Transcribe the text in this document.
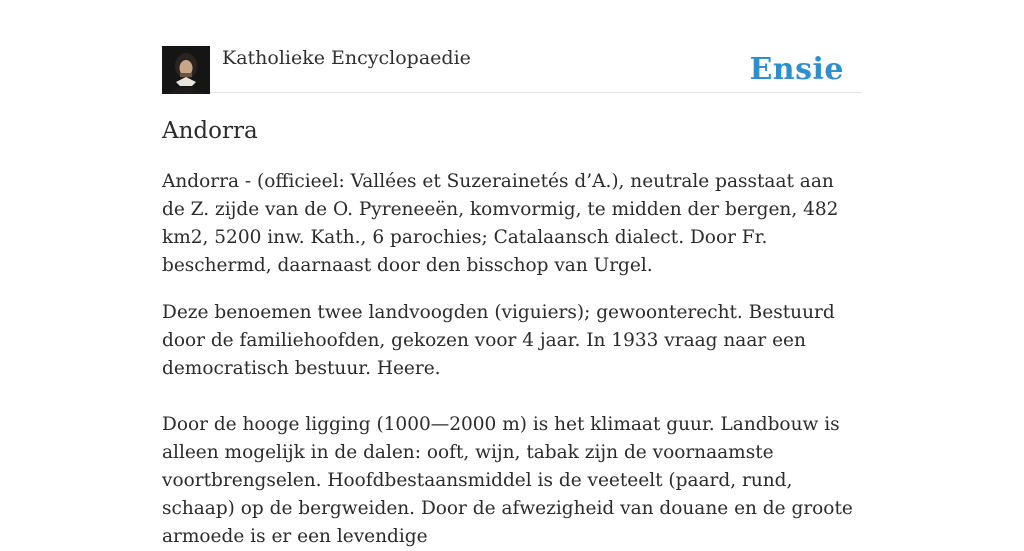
Katholieke Encyclopaedie	Ensie
Andorra

Andorra - (officieel: Vallées et Suzerainetés d’A.), neutrale passtaat aan de Z. zijde van de O. Pyreneeën, komvormig, te midden der bergen, 482 km2, 5200 inw. Kath., 6 parochies; Catalaansch dialect. Door Fr. beschermd, daarnaast door den bisschop van Urgel.

Deze benoemen twee landvoogden (viguiers); gewoonterecht. Bestuurd door de familiehoofden, gekozen voor 4 jaar. In 1933 vraag naar een democratisch bestuur. Heere.

Door de hooge ligging (1000—2000 m) is het klimaat guur. Landbouw is alleen mogelijk in de dalen: ooft, wijn, tabak zijn de voornaamste voortbrengselen. Hoofdbestaansmiddel is de veeteelt (paard, rund, schaap) op de bergweiden. Door de afwezigheid van douane en de groote armoede is er een levendige
